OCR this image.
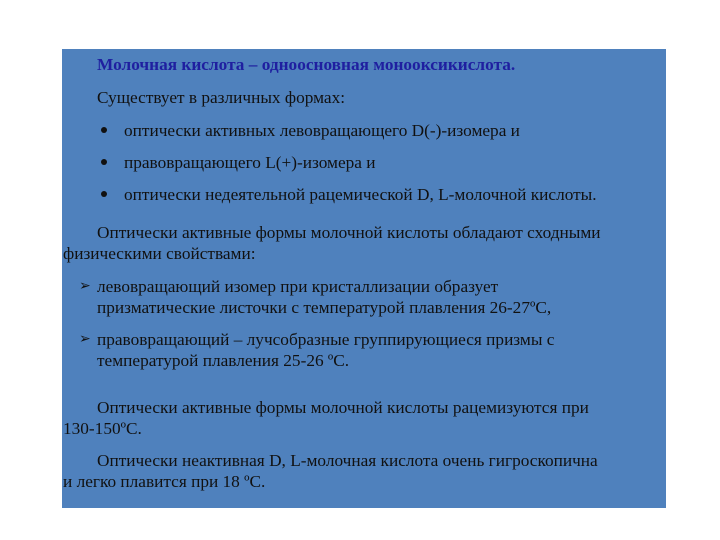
Молочная кислота – одноосновная монооксикислота.
Существует в различных формах:
оптически активных левовращающего D(-)-изомера и
правовращающего L(+)-изомера и
оптически недеятельной рацемической D, L-молочной кислоты.
Оптически активные формы молочной кислоты обладают сходными
физическими свойствами:
➢ левовращающий изомер при кристаллизации образует
призматические листочки с температурой плавления 26-27ºC,
➢ правовращающий – лучсобразные группирующиеся призмы с
температурой плавления 25-26 ºC.
Оптически активные формы молочной кислоты рацемизуются при
130-150ºC.
Оптически неактивная D, L-молочная кислота очень гигроскопична
и легко плавится при 18 ºC.
